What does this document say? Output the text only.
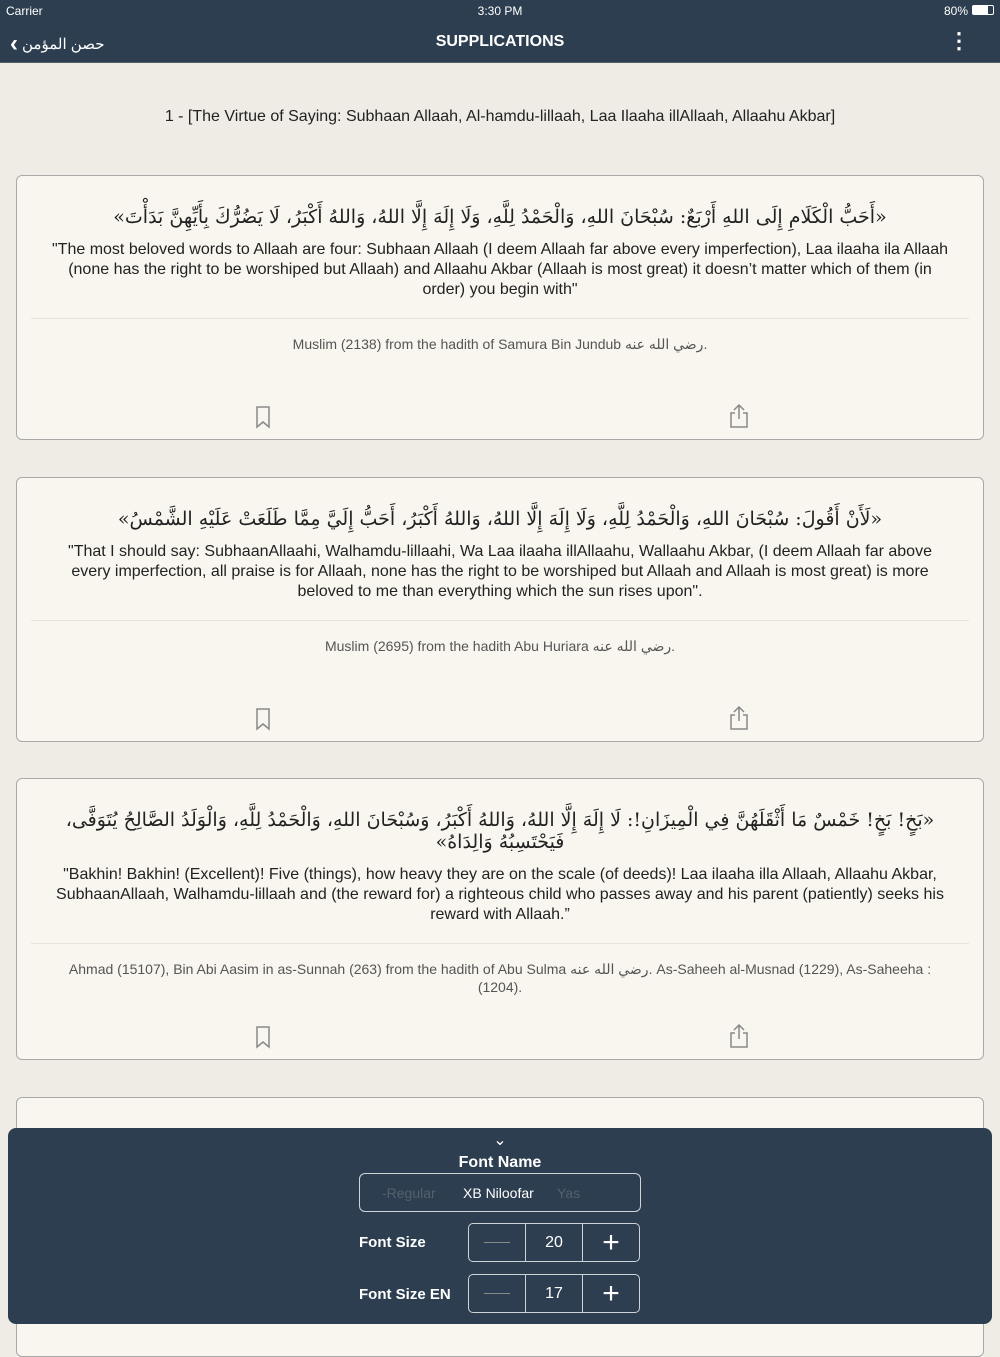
Carrier	3:30 PM	80%
‹ حصن المؤمن	SUPPLICATIONS	⋮
1 - [The Virtue of Saying: Subhaan Allaah, Al-hamdu-lillaah, Laa Ilaaha illAllaah, Allaahu Akbar]
«أَحَبُّ الْكَلَامِ إِلَى اللهِ أَرْبَعٌ: سُبْحَانَ اللهِ، وَالْحَمْدُ لِلَّهِ، وَلَا إِلَهَ إِلَّا اللهُ، وَاللهُ أَكْبَرُ، لَا يَضُرُّكَ بِأَيِّهِنَّ بَدَأْتَ»
"The most beloved words to Allaah are four: Subhaan Allaah (I deem Allaah far above every imperfection), Laa ilaaha ila Allaah (none has the right to be worshiped but Allaah) and Allaahu Akbar (Allaah is most great) it doesn’t matter which of them (in order) you begin with"
Muslim (2138) from the hadith of Samura Bin Jundub رضي الله عنه.
«لَأَنْ أَقُولَ: سُبْحَانَ اللهِ، وَالْحَمْدُ لِلَّهِ، وَلَا إِلَهَ إِلَّا اللهُ، وَاللهُ أَكْبَرُ، أَحَبُّ إِلَيَّ مِمَّا طَلَعَتْ عَلَيْهِ الشَّمْسُ»
"That I should say: SubhaanAllaahi, Walhamdu-lillaahi, Wa Laa ilaaha illAllaahu, Wallaahu Akbar, (I deem Allaah far above every imperfection, all praise is for Allaah, none has the right to be worshiped but Allaah and Allaah is most great) is more beloved to me than everything which the sun rises upon".
Muslim (2695) from the hadith Abu Huriara رضي الله عنه.
«بَخٍ! بَخٍ! خَمْسٌ مَا أَثْقَلَهُنَّ فِي الْمِيزَانِ!: لَا إِلَهَ إِلَّا اللهُ، وَاللهُ أَكْبَرُ، وَسُبْحَانَ اللهِ، وَالْحَمْدُ لِلَّهِ، وَالْوَلَدُ الصَّالِحُ يُتَوَفَّى، فَيَحْتَسِبُهُ وَالِدَاهُ»
"Bakhin! Bakhin! (Excellent)! Five (things), how heavy they are on the scale (of deeds)! Laa ilaaha illa Allaah, Allaahu Akbar, SubhaanAllaah, Walhamdu-lillaah and (the reward for) a righteous child who passes away and his parent (patiently) seeks his reward with Allaah.”
Ahmad (15107), Bin Abi Aasim in as-Sunnah (263) from the hadith of Abu Sulma رضي الله عنه. As-Saheeh al-Musnad (1229), As-Saheeha : (1204).
⌄
Font Name
-Regular XB Niloofar Yas
Font Size	20	+
Font Size EN	17	+
